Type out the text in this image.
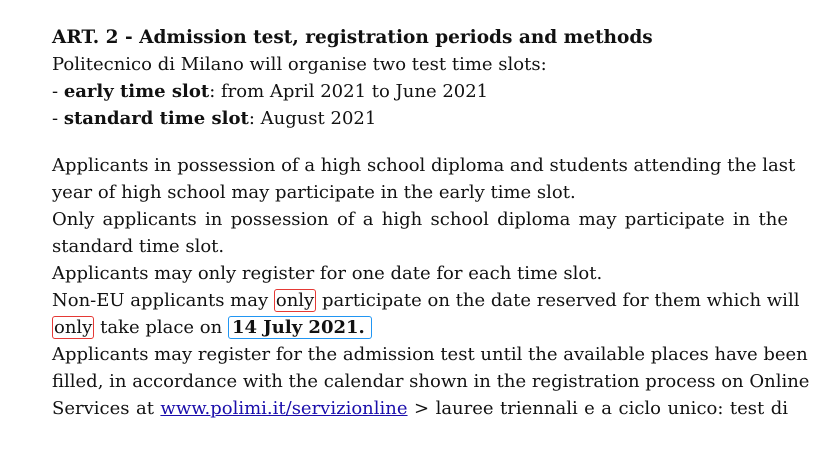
ART. 2 - Admission test, registration periods and methods
Politecnico di Milano will organise two test time slots:
- early time slot: from April 2021 to June 2021
- standard time slot: August 2021
Applicants in possession of a high school diploma and students attending the last
year of high school may participate in the early time slot.
Only applicants in possession of a high school diploma may participate in the
standard time slot.
Applicants may only register for one date for each time slot.
Non-EU applicants may only participate on the date reserved for them which will
only take place on 14 July 2021.
Applicants may register for the admission test until the available places have been
filled, in accordance with the calendar shown in the registration process on Online
Services at www.polimi.it/servizionline > lauree triennali e a ciclo unico: test di
